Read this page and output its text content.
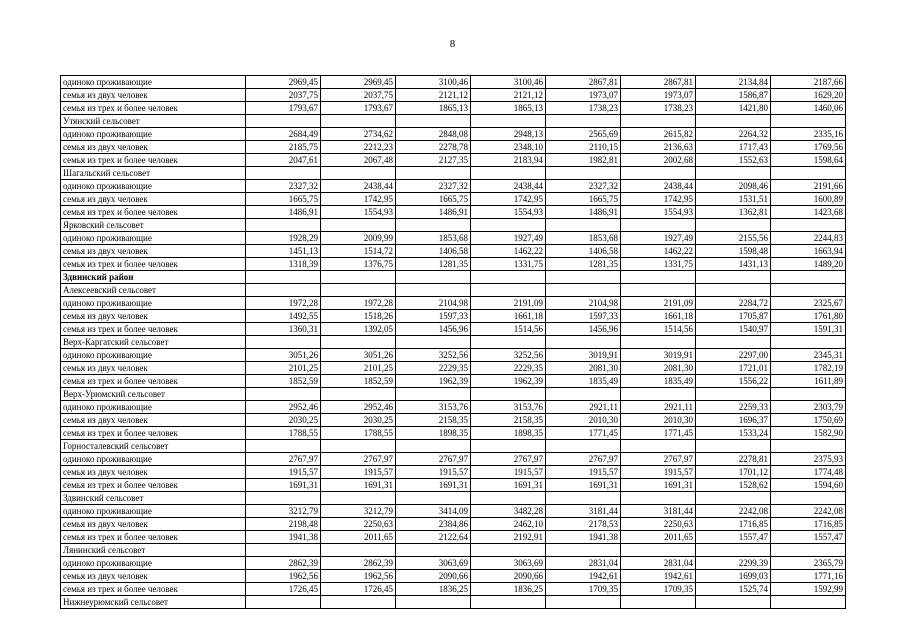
8
одиноко проживающие	2969,45	2969,45	3100,46	3100,46	2867,81	2867,81	2134,84	2187,66
семья из двух человек	2037,75	2037,75	2121,12	2121,12	1973,07	1973,07	1586,87	1629,20
семья из трех и более человек	1793,67	1793,67	1865,13	1865,13	1738,23	1738,23	1421,80	1460,06
Утянский сельсовет								
одиноко проживающие	2684,49	2734,62	2848,08	2948,13	2565,69	2615,82	2264,32	2335,16
семья из двух человек	2185,75	2212,23	2278,78	2348,10	2110,15	2136,63	1717,43	1769,56
семья из трех и более человек	2047,61	2067,48	2127,35	2183,94	1982,81	2002,68	1552,63	1598,64
Шагальский сельсовет								
одиноко проживающие	2327,32	2438,44	2327,32	2438,44	2327,32	2438,44	2098,46	2191,66
семья из двух человек	1665,75	1742,95	1665,75	1742,95	1665,75	1742,95	1531,51	1600,89
семья из трех и более человек	1486,91	1554,93	1486,91	1554,93	1486,91	1554,93	1362,81	1423,68
Ярковский сельсовет								
одиноко проживающие	1928,29	2009,99	1853,68	1927,49	1853,68	1927,49	2155,56	2244,83
семья из двух человек	1451,13	1514,72	1406,58	1462,22	1406,58	1462,22	1598,48	1663,94
семья из трех и более человек	1318,39	1376,75	1281,35	1331,75	1281,35	1331,75	1431,13	1489,20
Здвинский район								
Алексеевский сельсовет								
одиноко проживающие	1972,28	1972,28	2104,98	2191,09	2104,98	2191,09	2284,72	2325,67
семья из двух человек	1492,55	1518,26	1597,33	1661,18	1597,33	1661,18	1705,87	1761,80
семья из трех и более человек	1360,31	1392,05	1456,96	1514,56	1456,96	1514,56	1540,97	1591,31
Верх-Каргатский сельсовет								
одиноко проживающие	3051,26	3051,26	3252,56	3252,56	3019,91	3019,91	2297,00	2345,31
семья из двух человек	2101,25	2101,25	2229,35	2229,35	2081,30	2081,30	1721,01	1782,19
семья из трех и более человек	1852,59	1852,59	1962,39	1962,39	1835,49	1835,49	1556,22	1611,89
Верх-Урюмский сельсовет								
одиноко проживающие	2952,46	2952,46	3153,76	3153,76	2921,11	2921,11	2259,33	2303,79
семья из двух человек	2030,25	2030,25	2158,35	2158,35	2010,30	2010,30	1696,37	1750,69
семья из трех и более человек	1788,55	1788,55	1898,35	1898,35	1771,45	1771,45	1533,24	1582,90
Горносталевский сельсовет								
одиноко проживающие	2767,97	2767,97	2767,97	2767,97	2767,97	2767,97	2278,81	2375,93
семья из двух человек	1915,57	1915,57	1915,57	1915,57	1915,57	1915,57	1701,12	1774,48
семья из трех и более человек	1691,31	1691,31	1691,31	1691,31	1691,31	1691,31	1528,62	1594,60
Здвинский сельсовет								
одиноко проживающие	3212,79	3212,79	3414,09	3482,28	3181,44	3181,44	2242,08	2242,08
семья из двух человек	2198,48	2250,63	2384,86	2462,10	2178,53	2250,63	1716,85	1716,85
семья из трех и более человек	1941,38	2011,65	2122,64	2192,91	1941,38	2011,65	1557,47	1557,47
Лянинский сельсовет								
одиноко проживающие	2862,39	2862,39	3063,69	3063,69	2831,04	2831,04	2299,39	2365,79
семья из двух человек	1962,56	1962,56	2090,66	2090,66	1942,61	1942,61	1699,03	1771,16
семья из трех и более человек	1726,45	1726,45	1836,25	1836,25	1709,35	1709,35	1525,74	1592,99
Нижнеурюмский сельсовет								
